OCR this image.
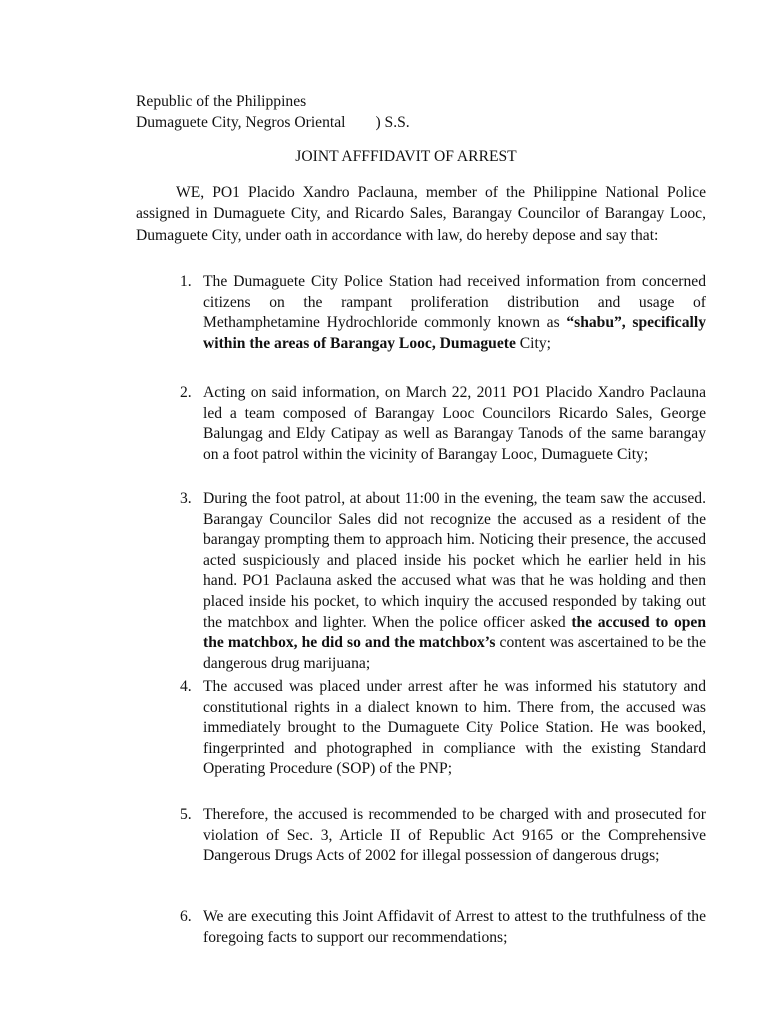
Republic of the Philippines
Dumaguete City, Negros Oriental ) S.S.
JOINT AFFFIDAVIT OF ARREST

WE, PO1 Placido Xandro Paclauna, member of the Philippine National Police assigned in Dumaguete City, and Ricardo Sales, Barangay Councilor of Barangay Looc, Dumaguete City, under oath in accordance with law, do hereby depose and say that:

1. The Dumaguete City Police Station had received information from concerned citizens on the rampant proliferation distribution and usage of Methamphetamine Hydrochloride commonly known as “shabu”, specifically within the areas of Barangay Looc, Dumaguete City;

2. Acting on said information, on March 22, 2011 PO1 Placido Xandro Paclauna led a team composed of Barangay Looc Councilors Ricardo Sales, George Balungag and Eldy Catipay as well as Barangay Tanods of the same barangay on a foot patrol within the vicinity of Barangay Looc, Dumaguete City;

3. During the foot patrol, at about 11:00 in the evening, the team saw the accused. Barangay Councilor Sales did not recognize the accused as a resident of the barangay prompting them to approach him. Noticing their presence, the accused acted suspiciously and placed inside his pocket which he earlier held in his hand. PO1 Paclauna asked the accused what was that he was holding and then placed inside his pocket, to which inquiry the accused responded by taking out the matchbox and lighter. When the police officer asked the accused to open the matchbox, he did so and the matchbox’s content was ascertained to be the dangerous drug marijuana;

4. The accused was placed under arrest after he was informed his statutory and constitutional rights in a dialect known to him. There from, the accused was immediately brought to the Dumaguete City Police Station. He was booked, fingerprinted and photographed in compliance with the existing Standard Operating Procedure (SOP) of the PNP;

5. Therefore, the accused is recommended to be charged with and prosecuted for violation of Sec. 3, Article II of Republic Act 9165 or the Comprehensive Dangerous Drugs Acts of 2002 for illegal possession of dangerous drugs;

6. We are executing this Joint Affidavit of Arrest to attest to the truthfulness of the foregoing facts to support our recommendations;
